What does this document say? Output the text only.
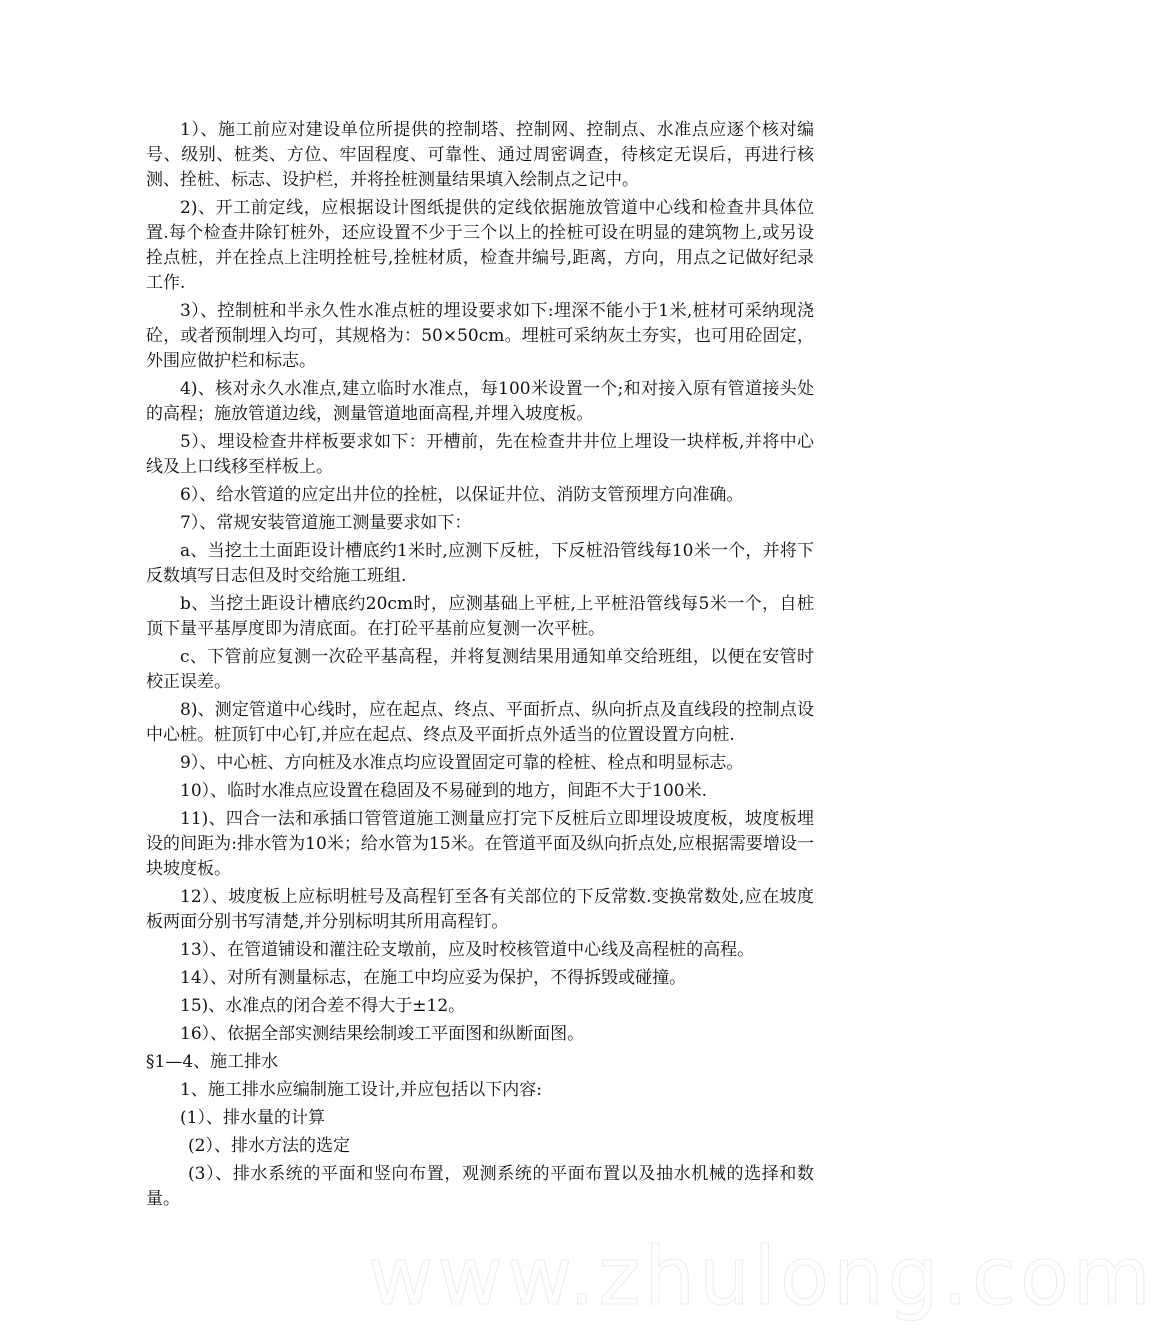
1）、施工前应对建设单位所提供的控制塔、控制网、控制点、水准点应逐个核对编号、级别、桩类、方位、牢固程度、可靠性、通过周密调查，待核定无误后，再进行核测、拴桩、标志、设护栏，并将拴桩测量结果填入绘制点之记中。

2)、开工前定线，应根据设计图纸提供的定线依据施放管道中心线和检查井具体位置.每个检查井除钉桩外，还应设置不少于三个以上的拴桩可设在明显的建筑物上,或另设拴点桩，并在拴点上注明拴桩号,拴桩材质，检查井编号,距离，方向，用点之记做好纪录工作.

3）、控制桩和半永久性水准点桩的埋设要求如下:埋深不能小于1米,桩材可采纳现浇砼，或者预制埋入均可，其规格为：50×50cm。埋桩可采纳灰土夯实，也可用砼固定，外围应做护栏和标志。

4)、核对永久水准点,建立临时水准点，每100米设置一个;和对接入原有管道接头处的高程；施放管道边线，测量管道地面高程,并埋入坡度板。

5）、埋设检查井样板要求如下：开槽前，先在检查井井位上埋设一块样板,并将中心线及上口线移至样板上。

6）、给水管道的应定出井位的拴桩，以保证井位、消防支管预埋方向准确。

7）、常规安装管道施工测量要求如下：

a、当挖土土面距设计槽底约1米时,应测下反桩，下反桩沿管线每10米一个，并将下反数填写日志但及时交给施工班组.

b、当挖土距设计槽底约20cm时，应测基础上平桩,上平桩沿管线每5米一个，自桩顶下量平基厚度即为清底面。在打砼平基前应复测一次平桩。

c、下管前应复测一次砼平基高程，并将复测结果用通知单交给班组，以便在安管时校正误差。

8)、测定管道中心线时，应在起点、终点、平面折点、纵向折点及直线段的控制点设中心桩。桩顶钉中心钉,并应在起点、终点及平面折点外适当的位置设置方向桩.

9）、中心桩、方向桩及水准点均应设置固定可靠的栓桩、栓点和明显标志。

10）、临时水准点应设置在稳固及不易碰到的地方，间距不大于100米.

11)、四合一法和承插口管管道施工测量应打完下反桩后立即埋设坡度板，坡度板埋设的间距为:排水管为10米；给水管为15米。在管道平面及纵向折点处,应根据需要增设一块坡度板。

12）、坡度板上应标明桩号及高程钉至各有关部位的下反常数.变换常数处,应在坡度板两面分别书写清楚,并分别标明其所用高程钉。

13）、在管道铺设和灌注砼支墩前，应及时校核管道中心线及高程桩的高程。

14）、对所有测量标志，在施工中均应妥为保护，不得拆毁或碰撞。

15)、水准点的闭合差不得大于±12。

16）、依据全部实测结果绘制竣工平面图和纵断面图。

§1—4、施工排水

1、施工排水应编制施工设计,并应包括以下内容:

(1）、排水量的计算

(2）、排水方法的选定

(3）、排水系统的平面和竖向布置，观测系统的平面布置以及抽水机械的选择和数量。

www.zhulong.com
